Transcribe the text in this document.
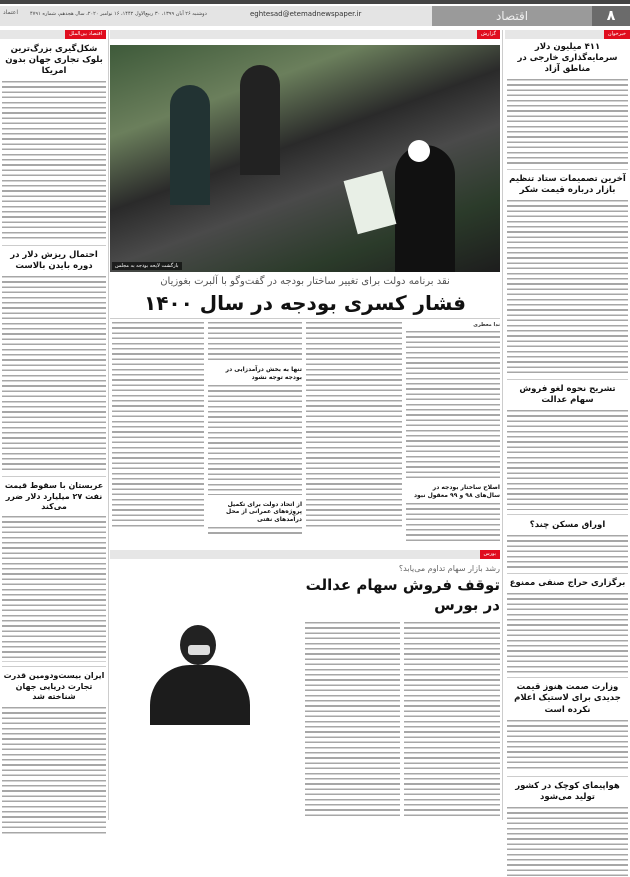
۸
اقتصاد
eghtesad@etemadnewspaper.ir
دوشنبه ۲۶ آبان ۱۳۹۹، ۳۰ ربیع‌الاول ۱۴۴۲، ۱۶ نوامبر ۲۰۲۰، سال هجدهم، شماره ۴۷۹۱
اعتماد
خبرخوان
۴۱۱ میلیون دلار سرمایه‌گذاری خارجی در مناطق آزاد
آخرین تصمیمات ستاد تنظیم بازار درباره قیمت شکر
تشریح نحوه لغو فروش سهام عدالت
اوراق مسکن چند؟
برگزاری حراج صنفی ممنوع
وزارت صمت هنوز قیمت جدیدی برای لاستیک اعلام نکرده است
هواپیمای کوچک در کشور تولید می‌شود
گزارش
بازگشت لایحه بودجه به مجلس
نقد برنامه دولت برای تغییر ساختار بودجه در گفت‌وگو با آلبرت بغوزیان
فشار کسری بودجه در سال ۱۴۰۰
ندا معطری
اصلاح ساختار بودجه در سال‌های ۹۸ و ۹۹ معقول نبود
تنها به بخش درآمدزایی در بودجه توجه نشود
از اتحاد دولت برای تکمیل پروژه‌های عمرانی از محل درآمدهای نفتی
بورس
رشد بازار سهام تداوم می‌یابد؟
توقف فروش سهام عدالت در بورس
اقتصاد بین‌الملل
شکل‌گیری بزرگ‌ترین بلوک تجاری جهان بدون امریکا
احتمال ریزش دلار در دوره بایدن بالاست
عربستان با سقوط قیمت نفت ۲۷ میلیارد دلار ضرر می‌کند
ایران بیست‌ودومین قدرت تجارت دریایی جهان شناخته شد
